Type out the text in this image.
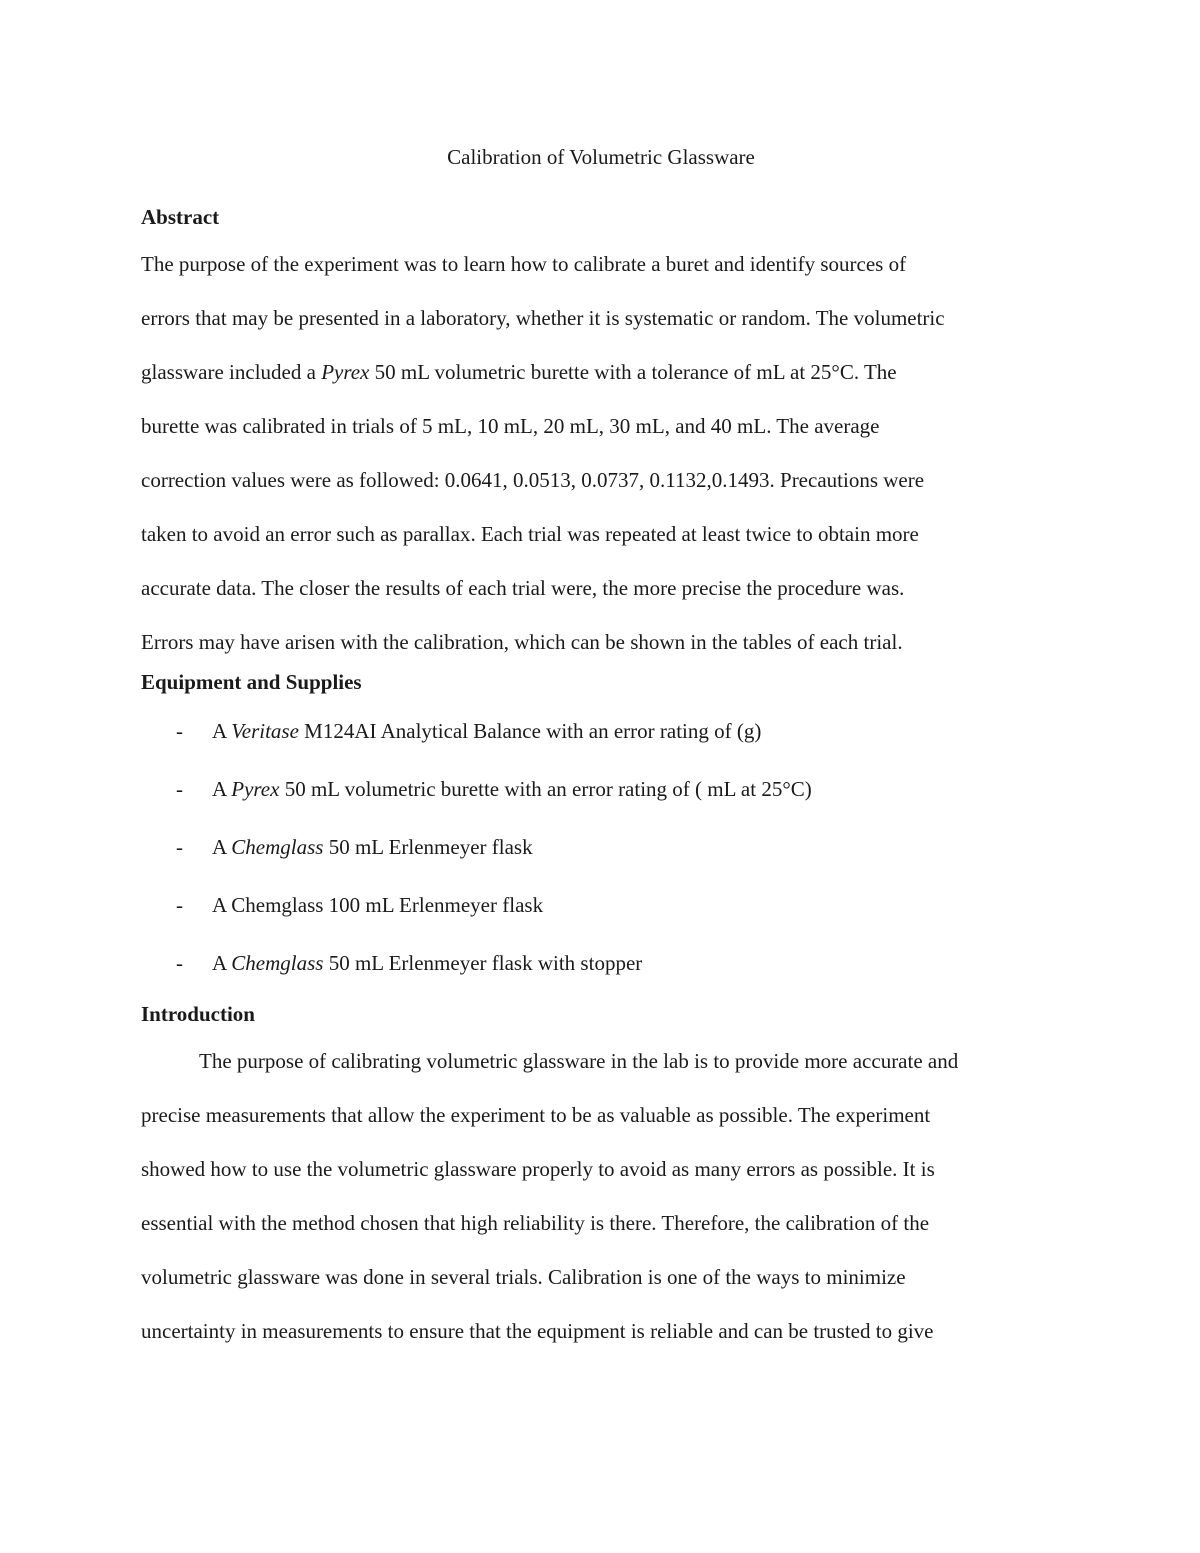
Calibration of Volumetric Glassware
Abstract

The purpose of the experiment was to learn how to calibrate a buret and identify sources of
errors that may be presented in a laboratory, whether it is systematic or random. The volumetric
glassware included a Pyrex 50 mL volumetric burette with a tolerance of mL at 25°C. The
burette was calibrated in trials of 5 mL, 10 mL, 20 mL, 30 mL, and 40 mL. The average
correction values were as followed: 0.0641, 0.0513, 0.0737, 0.1132,0.1493. Precautions were
taken to avoid an error such as parallax. Each trial was repeated at least twice to obtain more
accurate data. The closer the results of each trial were, the more precise the procedure was.
Errors may have arisen with the calibration, which can be shown in the tables of each trial.

Equipment and Supplies
- A Veritase M124AI Analytical Balance with an error rating of (g)
- A Pyrex 50 mL volumetric burette with an error rating of ( mL at 25°C)
- A Chemglass 50 mL Erlenmeyer flask
- A Chemglass 100 mL Erlenmeyer flask
- A Chemglass 50 mL Erlenmeyer flask with stopper
Introduction

The purpose of calibrating volumetric glassware in the lab is to provide more accurate and
precise measurements that allow the experiment to be as valuable as possible. The experiment
showed how to use the volumetric glassware properly to avoid as many errors as possible. It is
essential with the method chosen that high reliability is there. Therefore, the calibration of the
volumetric glassware was done in several trials. Calibration is one of the ways to minimize
uncertainty in measurements to ensure that the equipment is reliable and can be trusted to give
